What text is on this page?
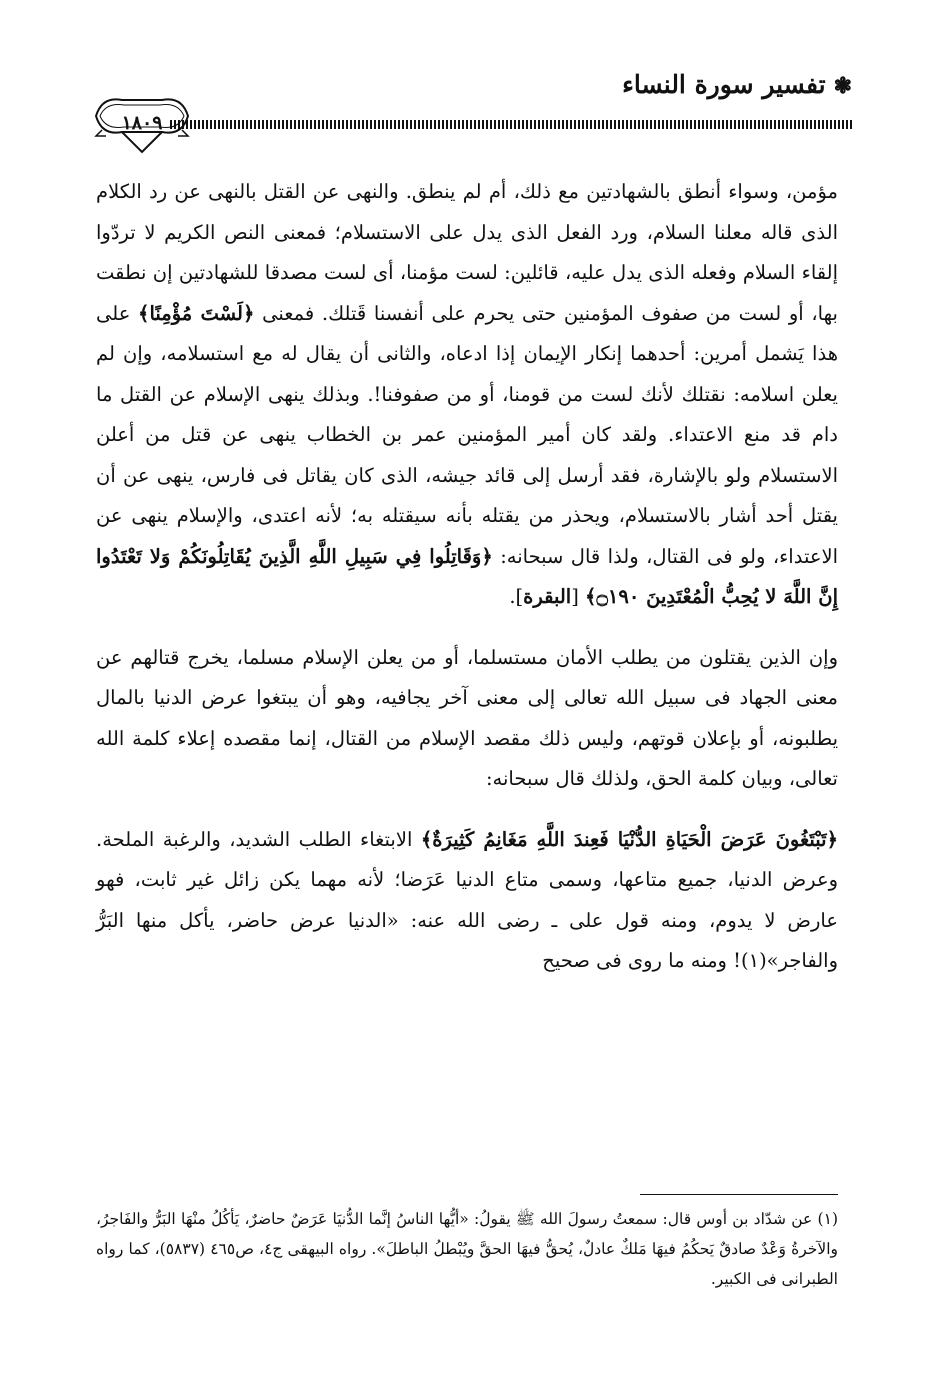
❃تفسير سورة النساء
١٨٠٩

مؤمن، وسواء أنطق بالشهادتين مع ذلك، أم لم ينطق. والنهى عن القتل بالنهى عن رد الكلام الذى قاله معلنا السلام، ورد الفعل الذى يدل على الاستسلام؛ فمعنى النص الكريم لا تردّوا إلقاء السلام وفعله الذى يدل عليه، قائلين: لست مؤمنا، أى لست مصدقا للشهادتين إن نطقت بها، أو لست من صفوف المؤمنين حتى يحرم على أنفسنا قَتلك. فمعنى ﴿لَسْتَ مُؤْمِنًا﴾ على هذا يَشمل أمرين: أحدهما إنكار الإيمان إذا ادعاه، والثانى أن يقال له مع استسلامه، وإن لم يعلن اسلامه: نقتلك لأنك لست من قومنا، أو من صفوفنا!. وبذلك ينهى الإسلام عن القتل ما دام قد منع الاعتداء. ولقد كان أمير المؤمنين عمر بن الخطاب ينهى عن قتل من أعلن الاستسلام ولو بالإشارة، فقد أرسل إلى قائد جيشه، الذى كان يقاتل فى فارس، ينهى عن أن يقتل أحد أشار بالاستسلام، ويحذر من يقتله بأنه سيقتله به؛ لأنه اعتدى، والإسلام ينهى عن الاعتداء، ولو فى القتال، ولذا قال سبحانه: ﴿وَقَاتِلُوا فِي سَبِيلِ اللَّهِ الَّذِينَ يُقَاتِلُونَكُمْ وَلا تَعْتَدُوا إِنَّ اللَّهَ لا يُحِبُّ الْمُعْتَدِينَ ۝١٩٠﴾ [البقرة].

وإن الذين يقتلون من يطلب الأمان مستسلما، أو من يعلن الإسلام مسلما، يخرج قتالهم عن معنى الجهاد فى سبيل الله تعالى إلى معنى آخر يجافيه، وهو أن يبتغوا عرض الدنيا بالمال يطلبونه، أو بإعلان قوتهم، وليس ذلك مقصد الإسلام من القتال، إنما مقصده إعلاء كلمة الله تعالى، وبيان كلمة الحق، ولذلك قال سبحانه:

﴿تَبْتَغُونَ عَرَضَ الْحَيَاةِ الدُّنْيَا فَعِندَ اللَّهِ مَغَانِمُ كَثِيرَةٌ﴾ الابتغاء الطلب الشديد، والرغبة الملحة. وعرض الدنيا، جميع متاعها، وسمى متاع الدنيا عَرَضا؛ لأنه مهما يكن زائل غير ثابت، فهو عارض لا يدوم، ومنه قول على ـ رضى الله عنه: «الدنيا عرض حاضر، يأكل منها البَرُّ والفاجر»(١)! ومنه ما روى فى صحيح

(١) عن شدّاد بن أوس قال: سمعتُ رسولَ الله ﷺ يقولُ: «أيُّها الناسُ إنَّما الدُّنيَا عَرَضٌ حاضرٌ، يَأكُلُ منْهَا البَرُّ والفَاجرُ، والآخرةُ وَعْدٌ صادقٌ يَحكُمُ فيهَا مَلكٌ عادلٌ، يُحقُّ فيهَا الحقَّ ويُبْطلُ الباطلَ». رواه البيهقى ج٤، ص٤٦٥ (٥٨٣٧)، كما رواه الطبرانى فى الكبير.
